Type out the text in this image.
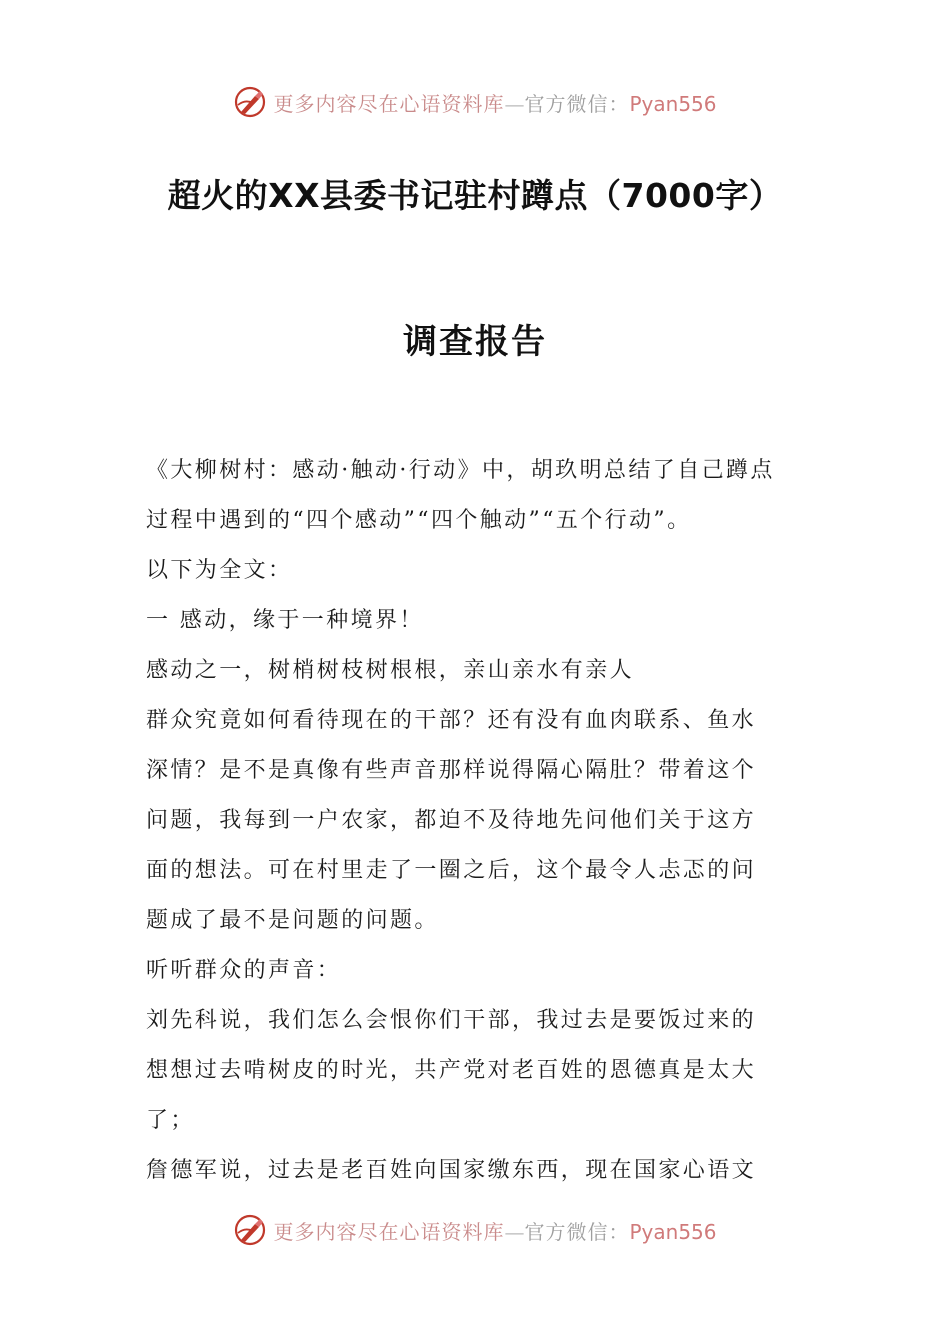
更多内容尽在心语资料库—官方微信：Pyan556
超火的XX县委书记驻村蹲点（7000字）
调查报告
《大柳树村：感动·触动·行动》中，胡玖明总结了自己蹲点
过程中遇到的“四个感动”“四个触动”“五个行动”。
以下为全文：
一 感动，缘于一种境界！
感动之一，树梢树枝树根根，亲山亲水有亲人
群众究竟如何看待现在的干部？还有没有血肉联系、鱼水
深情？是不是真像有些声音那样说得隔心隔肚？带着这个
问题，我每到一户农家，都迫不及待地先问他们关于这方
面的想法。可在村里走了一圈之后，这个最令人忐忑的问
题成了最不是问题的问题。
听听群众的声音：
刘先科说，我们怎么会恨你们干部，我过去是要饭过来的
想想过去啃树皮的时光，共产党对老百姓的恩德真是太大
了；
詹德军说，过去是老百姓向国家缴东西，现在国家心语文
更多内容尽在心语资料库—官方微信：Pyan556
